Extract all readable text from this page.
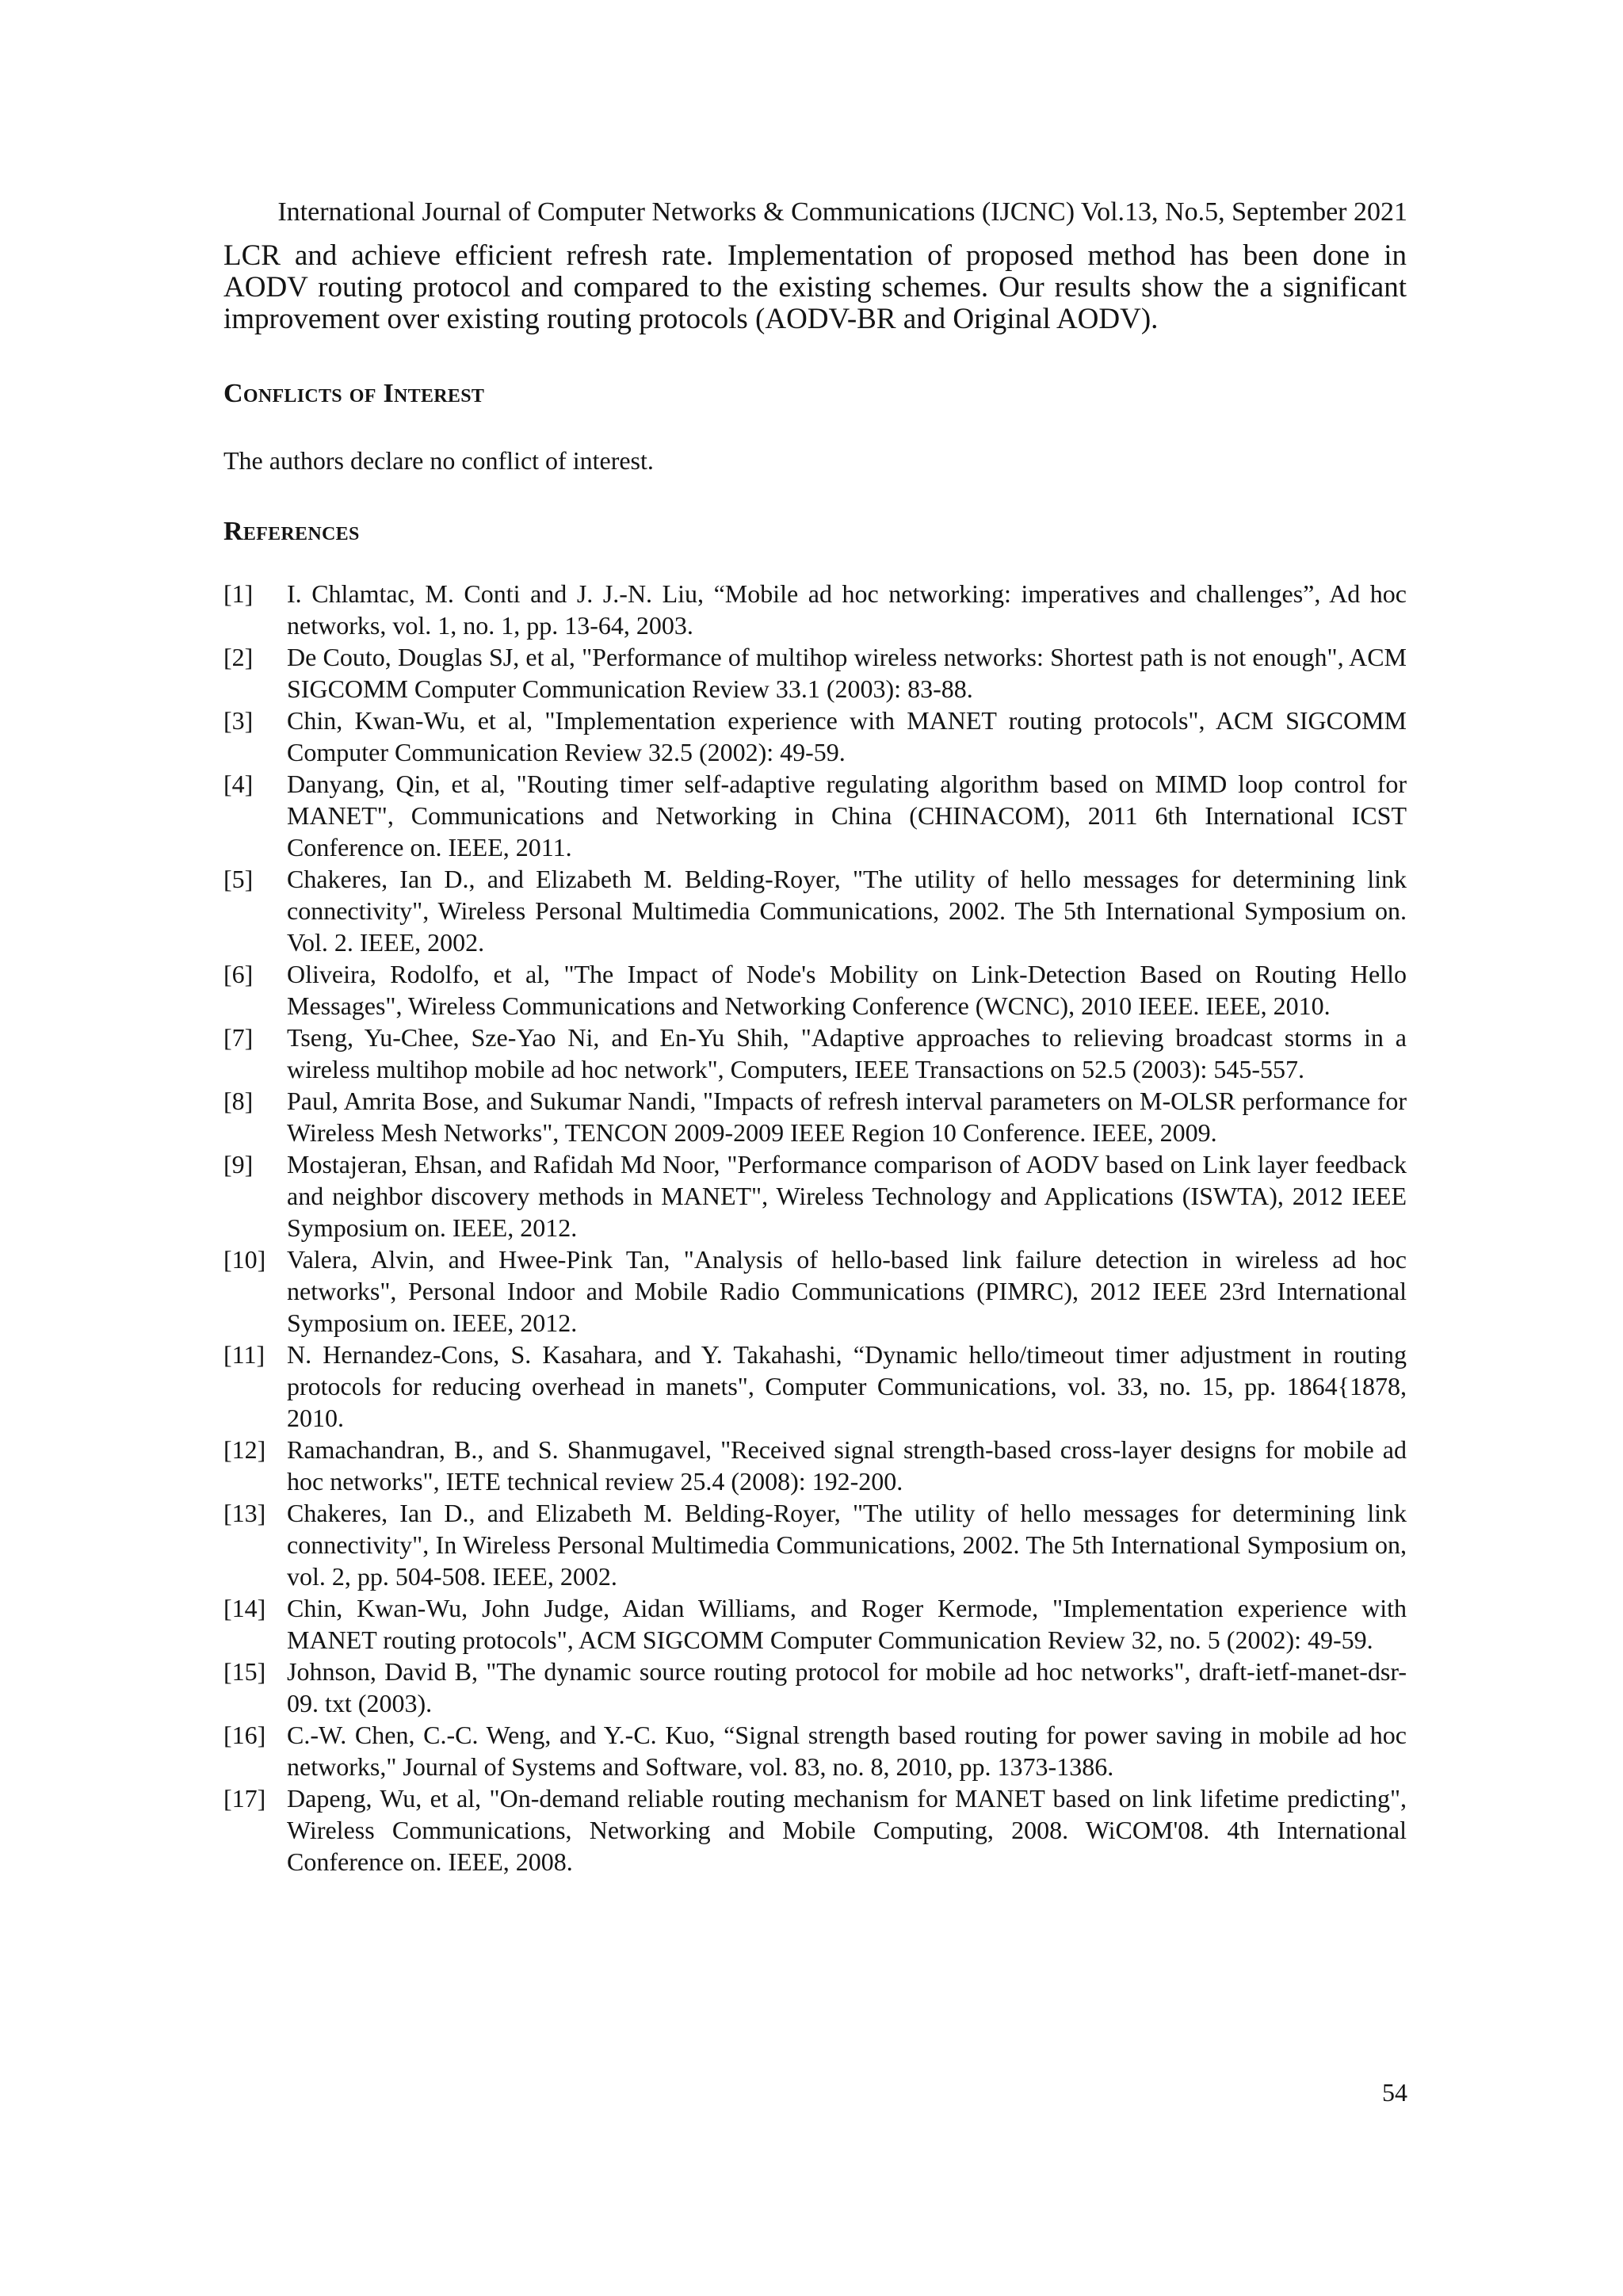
International Journal of Computer Networks & Communications (IJCNC) Vol.13, No.5, September 2021

LCR and achieve efficient refresh rate. Implementation of proposed method has been done in AODV routing protocol and compared to the existing schemes. Our results show the a significant improvement over existing routing protocols (AODV-BR and Original AODV).

Conflicts of Interest

The authors declare no conflict of interest.

References
[1]	I. Chlamtac, M. Conti and J. J.-N. Liu, “Mobile ad hoc networking: imperatives and challenges”, Ad hoc networks, vol. 1, no. 1, pp. 13-64, 2003.
[2]	De Couto, Douglas SJ, et al, "Performance of multihop wireless networks: Shortest path is not enough", ACM SIGCOMM Computer Communication Review 33.1 (2003): 83-88.
[3]	Chin, Kwan-Wu, et al, "Implementation experience with MANET routing protocols", ACM SIGCOMM Computer Communication Review 32.5 (2002): 49-59.
[4]	Danyang, Qin, et al, "Routing timer self-adaptive regulating algorithm based on MIMD loop control for MANET", Communications and Networking in China (CHINACOM), 2011 6th International ICST Conference on. IEEE, 2011.
[5]	Chakeres, Ian D., and Elizabeth M. Belding-Royer, "The utility of hello messages for determining link connectivity", Wireless Personal Multimedia Communications, 2002. The 5th International Symposium on. Vol. 2. IEEE, 2002.
[6]	Oliveira, Rodolfo, et al, "The Impact of Node's Mobility on Link-Detection Based on Routing Hello Messages", Wireless Communications and Networking Conference (WCNC), 2010 IEEE. IEEE, 2010.
[7]	Tseng, Yu-Chee, Sze-Yao Ni, and En-Yu Shih, "Adaptive approaches to relieving broadcast storms in a wireless multihop mobile ad hoc network", Computers, IEEE Transactions on 52.5 (2003): 545-557.
[8]	Paul, Amrita Bose, and Sukumar Nandi, "Impacts of refresh interval parameters on M-OLSR performance for Wireless Mesh Networks", TENCON 2009-2009 IEEE Region 10 Conference. IEEE, 2009.
[9]	Mostajeran, Ehsan, and Rafidah Md Noor, "Performance comparison of AODV based on Link layer feedback and neighbor discovery methods in MANET", Wireless Technology and Applications (ISWTA), 2012 IEEE Symposium on. IEEE, 2012.
[10] Valera, Alvin, and Hwee-Pink Tan, "Analysis of hello-based link failure detection in wireless ad hoc networks", Personal Indoor and Mobile Radio Communications (PIMRC), 2012 IEEE 23rd International Symposium on. IEEE, 2012.
[11] N. Hernandez-Cons, S. Kasahara, and Y. Takahashi, “Dynamic hello/timeout timer adjustment in routing protocols for reducing overhead in manets", Computer Communications, vol. 33, no. 15, pp. 1864{1878, 2010.
[12] Ramachandran, B., and S. Shanmugavel, "Received signal strength-based cross-layer designs for mobile ad hoc networks", IETE technical review 25.4 (2008): 192-200.
[13] Chakeres, Ian D., and Elizabeth M. Belding-Royer, "The utility of hello messages for determining link connectivity", In Wireless Personal Multimedia Communications, 2002. The 5th International Symposium on, vol. 2, pp. 504-508. IEEE, 2002.
[14] Chin, Kwan-Wu, John Judge, Aidan Williams, and Roger Kermode, "Implementation experience with MANET routing protocols", ACM SIGCOMM Computer Communication Review 32, no. 5 (2002): 49-59.
[15] Johnson, David B, "The dynamic source routing protocol for mobile ad hoc networks", draft-ietf-manet-dsr-09. txt (2003).
[16] C.-W. Chen, C.-C. Weng, and Y.-C. Kuo, “Signal strength based routing for power saving in mobile ad hoc networks," Journal of Systems and Software, vol. 83, no. 8, 2010, pp. 1373-1386.
[17] Dapeng, Wu, et al, "On-demand reliable routing mechanism for MANET based on link lifetime predicting", Wireless Communications, Networking and Mobile Computing, 2008. WiCOM'08. 4th International Conference on. IEEE, 2008.
54
